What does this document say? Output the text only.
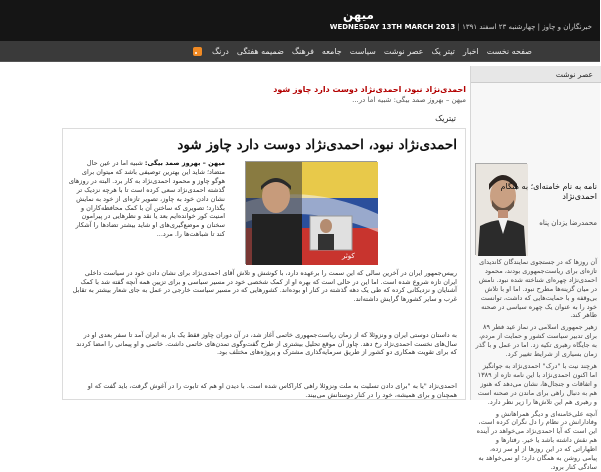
میهن
خبرنگاران و چاوز | چهارشنبه ۲۳ اسفند ۱۳۹۱ | WEDNESDAY 13TH MARCH 2013
صفحه نخست
اخبار
تیتر یک
عصر نوشت
سیاست
جامعه
فرهنگ
ضمیمه هفتگی
درنگ
احمدی‌نژاد نبود، احمدی‌نژاد دوست دارد چاوز شود
میهن – بهروز صمد بیگی: شبیه اما در...
تیتریک
احمدی‌نژاد نبود، احمدی‌نژاد دوست دارد چاوز شود
کوثر
میهن – بهروز صمد بیگی: شبیه اما در عین حال متضاد؛ شاید این بهترین توصیفی باشد که میتوان برای هوگو چاوز و محمود احمدی‌نژاد به کار برد. البته در روزهای گذشته احمدی‌نژاد سعی کرده است تا با هرچه نزدیک تر نشان دادن خود به چاوز، تصویر تازه‌ای از خود به نمایش بگذارد؛ تصویری که ساختن آن با کمک محافظه‌کاران و امنیت کور خوانده‌ایم بعد یا نقد و نظرهایی در پیرامون سخنان و موضع‌گیری‌های او شاید بیشتر تضادها را آشکار کند تا شباهت‌ها را. مرد...
رییس‌جمهور ایران در آخرین سالی که این سمت را برعهده دارد، با کوشش و تلاش آقای احمدی‌نژاد برای نشان دادن خود در سیاست داخلی ایران تازه شروع شده است. اما این در حالی است که بهره او از کمک شخصی خود در مسیر سیاسی و برای تزیین همه آنچه گفته شد با کمک آشنایان و نزدیکانی کرده که طی یک دهه گذشته در کنار او بوده‌اند. کشورهایی که در مسیر سیاست خارجی در عمل به جای شعار بیشتر به تقابل غرب و سایر کشورها گرایش داشته‌اند.
به داستان دوستی ایران و ونزوئلا که از زمان ریاست‌جمهوری خاتمی آغاز شد، در آن دوران چاوز فقط یک بار به ایران آمد تا سفر بعدی او در سال‌های نخست احمدی‌نژاد رخ دهد. چاوز آن موقع تحلیل بیشتری از طرح گفت‌وگوی تمدن‌های خاتمی داشت. خاتمی و او پیمانی را امضا کردند که برای تقویت همکاری دو کشور از طریق سرمایه‌گذاری مشترک و پروژه‌های مختلف بود.
احمدی‌نژاد "یا به "برای دادن تسلیت به ملت ونزوئلا راهی کاراکاس شده است. با دیدن او هم که تابوت را در آغوش گرفت، باید گفت که او همچنان و برای همیشه، خود را در کنار دوستانش می‌بیند.
عصر نوشت
نامه به نام خامنه‌ای؛ به هنگام احمدی‌نژاد
محمدرضا یزدان پناه

آن روزها که در جستجوی نمایندگان کاندیدای تازه‌ای برای ریاست‌جمهوری بودند، محمود احمدی‌نژاد چهره‌ای شناخته شده نبود. نامش در میان گزینه‌ها مطرح نبود. اما او با تلاش بی‌وقفه و با حمایت‌هایی که داشت، توانست خود را به عنوان یک چهره سیاسی در صحنه ظاهر کند.

زهیر جمهوری اسلامی در نماز عید فطر ۸۹ برای تدبیر سیاست کشور و حمایت از مردم، به جایگاه رهبری تکیه زد. اما در عمل و با گذر زمان بسیاری از شرایط تغییر کرد.

هرچند نیت با "درک" احمدی‌نژاد به جوانگیز اما اکنون احمدی‌نژاد با این نامه تازه از ۱۳۸۹ و اتفاقات و جنجال‌ها، نشان می‌دهد که هنوز هم به دنبال راهی برای ماندن در صحنه است و رهبری هم این تلاش‌ها را زیر نظر دارد.

آنچه علی‌خامنه‌ای و دیگر همراهانش و وفادارانش در نظام را دل نگران کرده است، این است که آیا احمدی‌نژاد می‌خواهد در آینده هم نقش داشته باشد یا خیر. رفتارها و اظهاراتی که در این روزها از او سر زده، پیامی روشن به همگان دارد؛ او نمی‌خواهد به سادگی کنار برود.
